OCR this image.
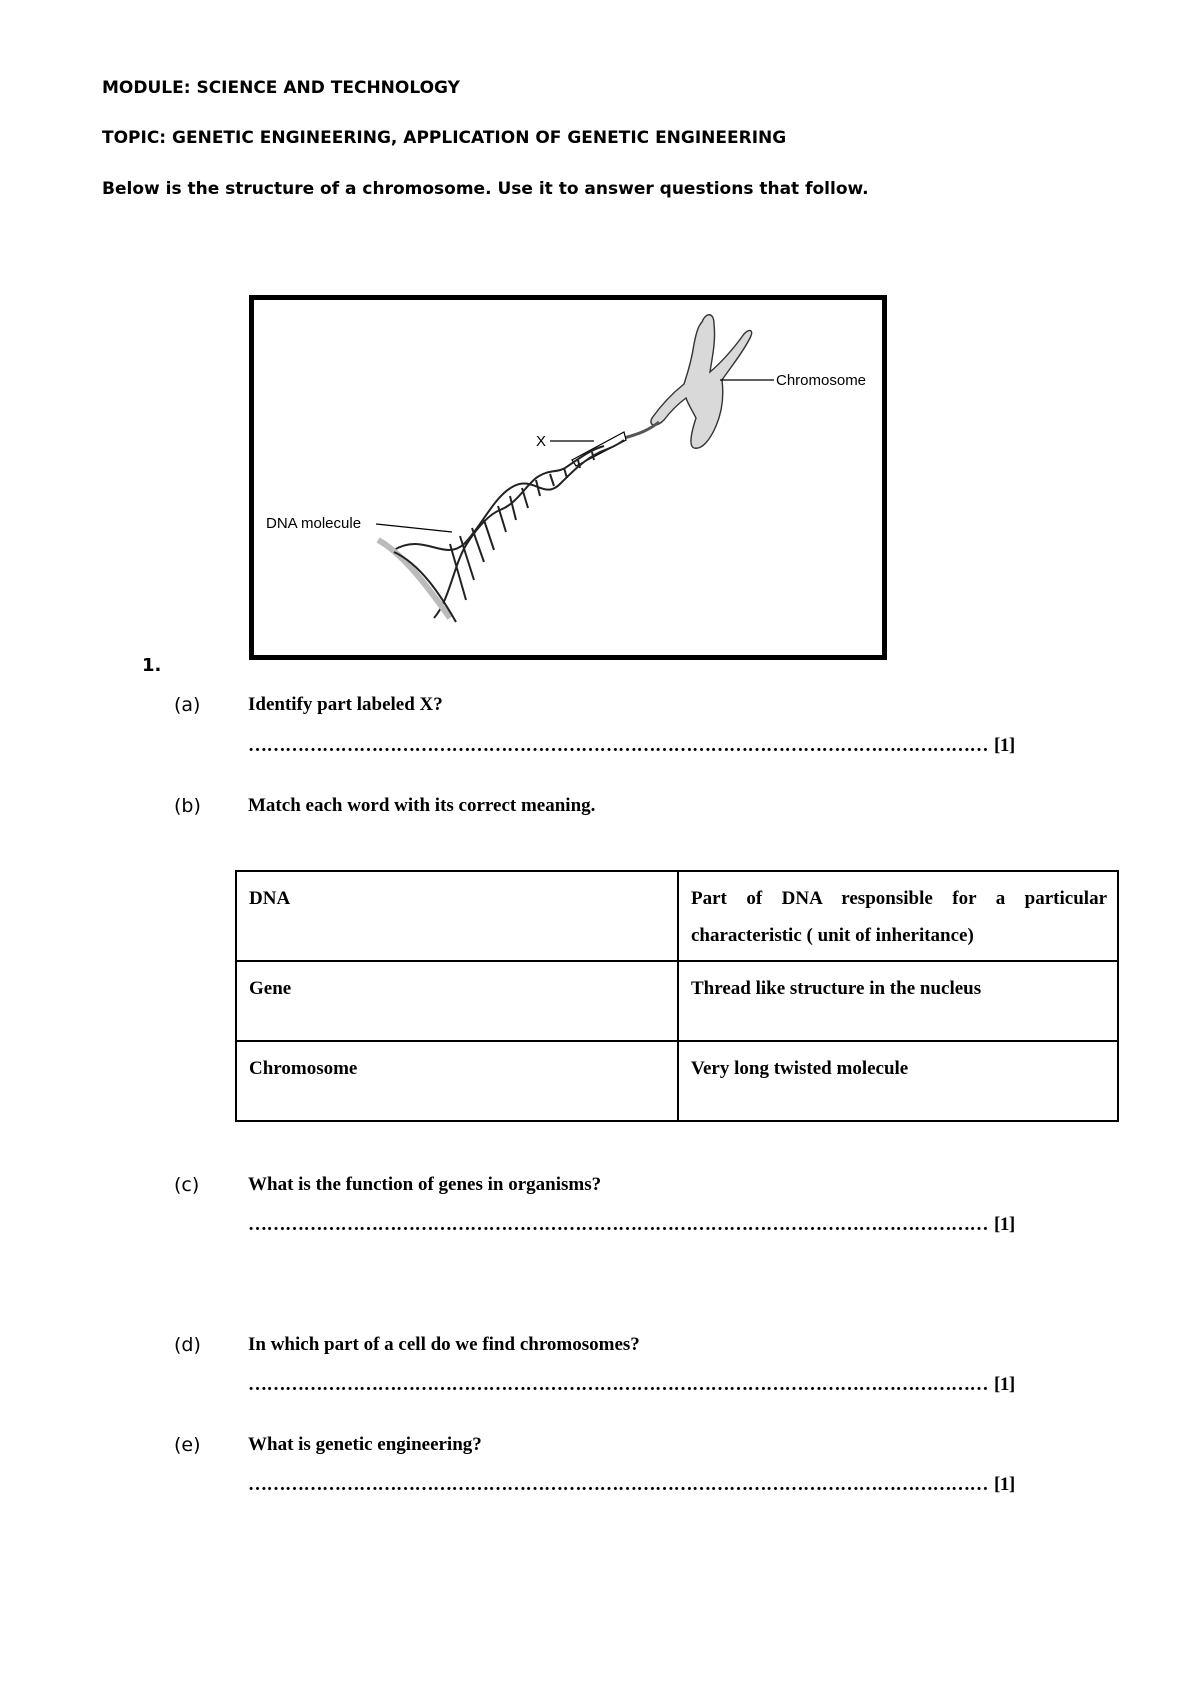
MODULE: SCIENCE AND TECHNOLOGY
TOPIC: GENETIC ENGINEERING, APPLICATION OF GENETIC ENGINEERING
Below is the structure of a chromosome. Use it to answer questions that follow.
Chromosome
X
DNA molecule
1.
(a)	Identify part labeled X?
………………………………………………………………………………………………………… [1]
(b) Match each word with its correct meaning.
DNA	Part of DNA responsible for a particular characteristic ( unit of inheritance)
Gene	Thread like structure in the nucleus
Chromosome	Very long twisted molecule
(c)	What is the function of genes in organisms?
………………………………………………………………………………………………………… [1]
(d) In which part of a cell do we find chromosomes?
………………………………………………………………………………………………………… [1]
(e) What is genetic engineering?
………………………………………………………………………………………………………… [1]
